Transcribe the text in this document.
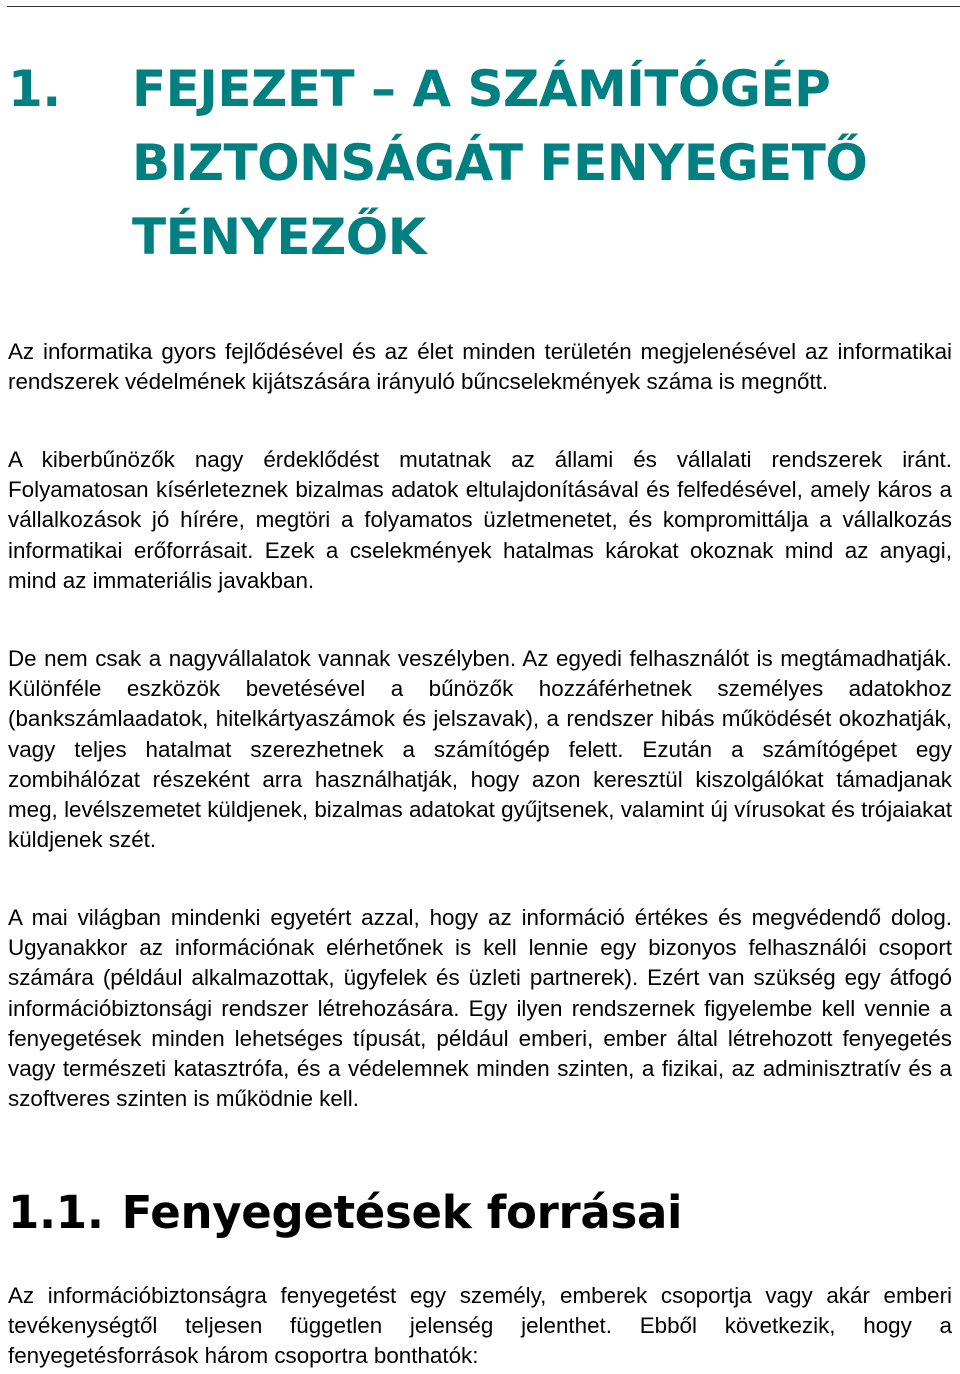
1. FEJEZET – A SZÁMÍTÓGÉP
BIZTONSÁGÁT FENYEGETŐ
TÉNYEZŐK

Az informatika gyors fejlődésével és az élet minden területén megjelenésével az informatikai rendszerek védelmének kijátszására irányuló bűncselekmények száma is megnőtt.

A kiberbűnözők nagy érdeklődést mutatnak az állami és vállalati rendszerek iránt. Folyamatosan kísérleteznek bizalmas adatok eltulajdonításával és felfedésével, amely káros a vállalkozások jó hírére, megtöri a folyamatos üzletmenetet, és kompromittálja a vállalkozás informatikai erőforrásait. Ezek a cselekmények hatalmas károkat okoznak mind az anyagi, mind az immateriális javakban.

De nem csak a nagyvállalatok vannak veszélyben. Az egyedi felhasználót is megtámadhatják. Különféle eszközök bevetésével a bűnözők hozzáférhetnek személyes adatokhoz (bankszámlaadatok, hitelkártyaszámok és jelszavak), a rendszer hibás működését okozhatják, vagy teljes hatalmat szerezhetnek a számítógép felett. Ezután a számítógépet egy zombihálózat részeként arra használhatják, hogy azon keresztül kiszolgálókat támadjanak meg, levélszemetet küldjenek, bizalmas adatokat gyűjtsenek, valamint új vírusokat és trójaiakat küldjenek szét.

A mai világban mindenki egyetért azzal, hogy az információ értékes és megvédendő dolog. Ugyanakkor az információnak elérhetőnek is kell lennie egy bizonyos felhasználói csoport számára (például alkalmazottak, ügyfelek és üzleti partnerek). Ezért van szükség egy átfogó információbiztonsági rendszer létrehozására. Egy ilyen rendszernek figyelembe kell vennie a fenyegetések minden lehetséges típusát, például emberi, ember által létrehozott fenyegetés vagy természeti katasztrófa, és a védelemnek minden szinten, a fizikai, az adminisztratív és a szoftveres szinten is működnie kell.

1.1. Fenyegetések forrásai

Az információbiztonságra fenyegetést egy személy, emberek csoportja vagy akár emberi tevékenységtől teljesen független jelenség jelenthet. Ebből következik, hogy a fenyegetésforrások három csoportra bonthatók:
